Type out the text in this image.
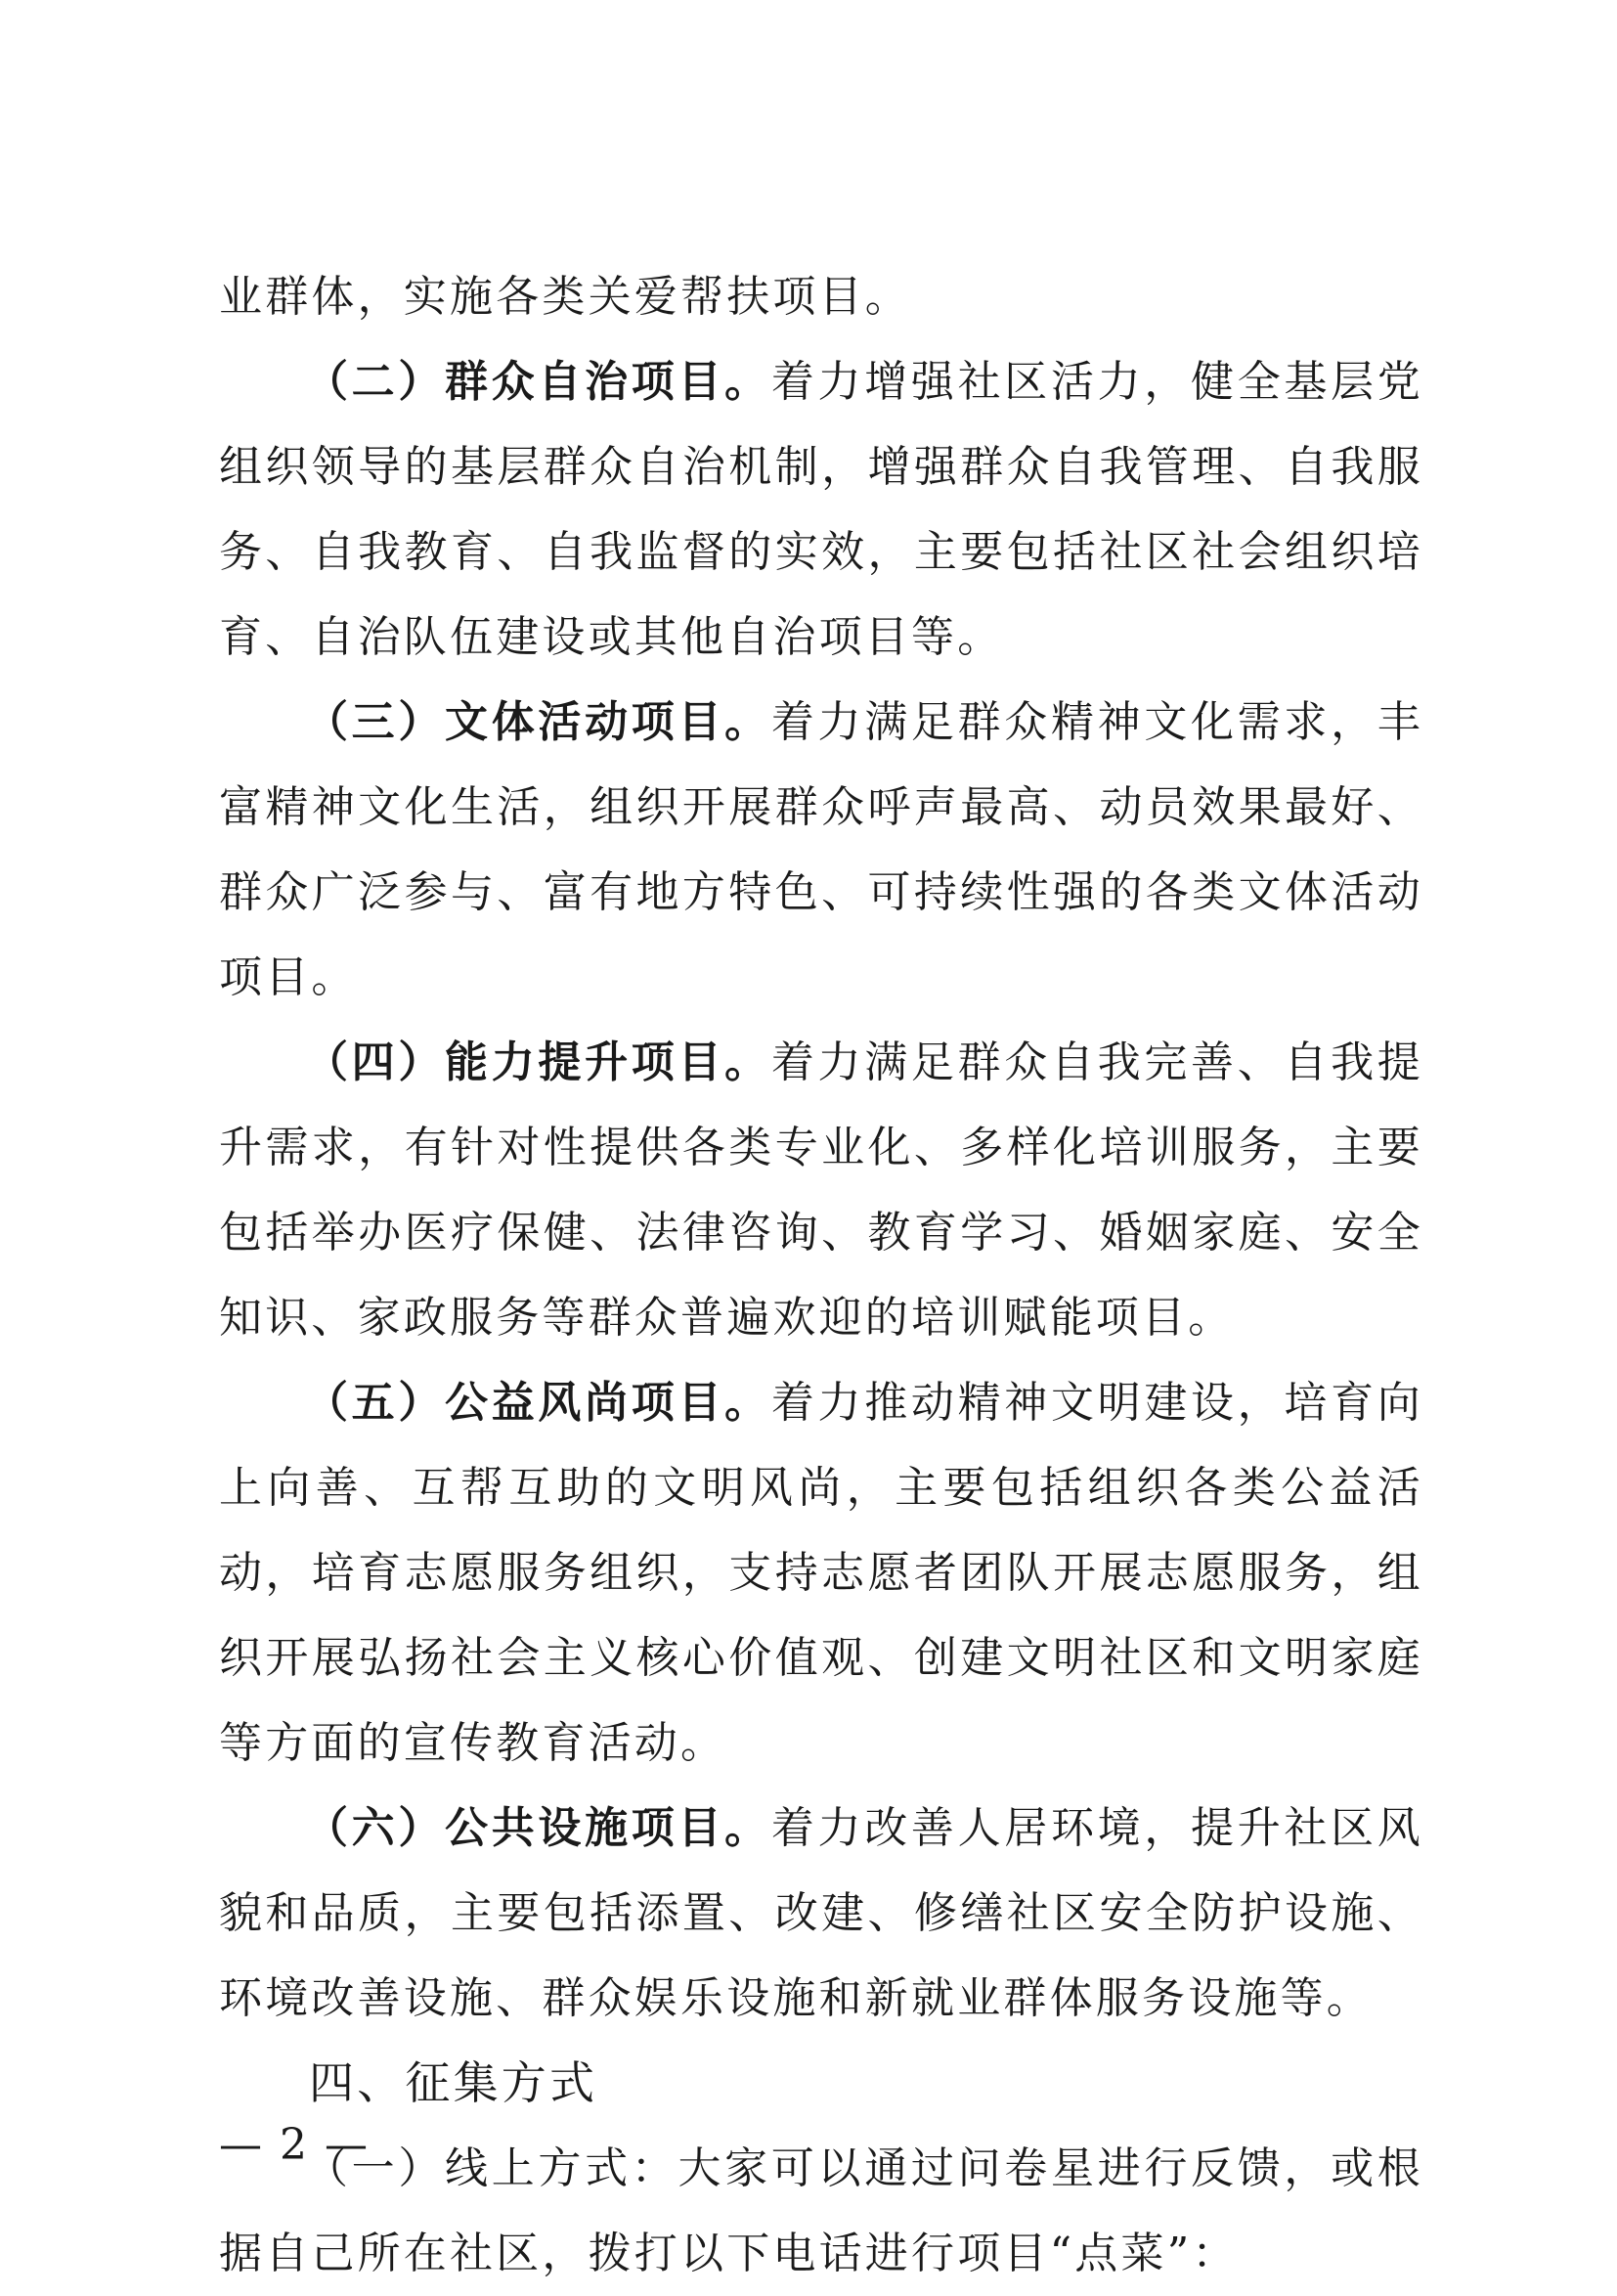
业群体，实施各类关爱帮扶项目。

（二）群众自治项目。着力增强社区活力，健全基层党组织领导的基层群众自治机制，增强群众自我管理、自我服务、自我教育、自我监督的实效，主要包括社区社会组织培育、自治队伍建设或其他自治项目等。

（三）文体活动项目。着力满足群众精神文化需求，丰富精神文化生活，组织开展群众呼声最高、动员效果最好、群众广泛参与、富有地方特色、可持续性强的各类文体活动项目。

（四）能力提升项目。着力满足群众自我完善、自我提升需求，有针对性提供各类专业化、多样化培训服务，主要包括举办医疗保健、法律咨询、教育学习、婚姻家庭、安全知识、家政服务等群众普遍欢迎的培训赋能项目。

（五）公益风尚项目。着力推动精神文明建设，培育向上向善、互帮互助的文明风尚，主要包括组织各类公益活动，培育志愿服务组织，支持志愿者团队开展志愿服务，组织开展弘扬社会主义核心价值观、创建文明社区和文明家庭等方面的宣传教育活动。

（六）公共设施项目。着力改善人居环境，提升社区风貌和品质，主要包括添置、改建、修缮社区安全防护设施、环境改善设施、群众娱乐设施和新就业群体服务设施等。

四、征集方式

（一）线上方式：大家可以通过问卷星进行反馈，或根据自己所在社区，拨打以下电话进行项目“点菜”：

— 2 —
